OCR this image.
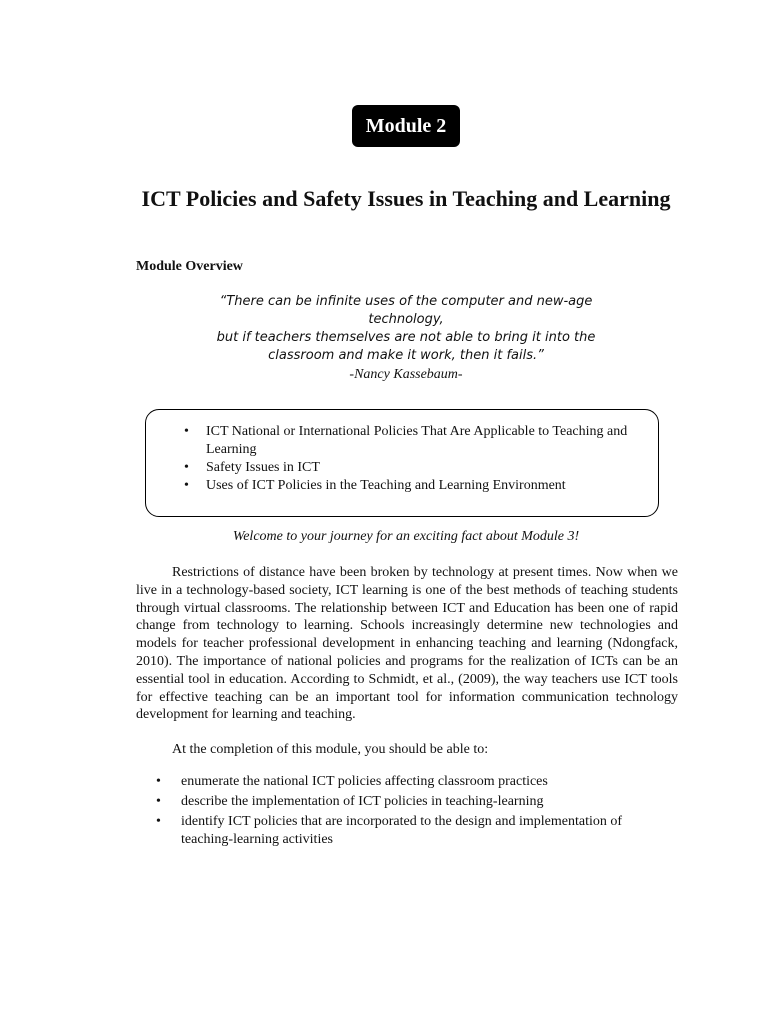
Module 2
ICT Policies and Safety Issues in Teaching and Learning
Module Overview
“There can be infinite uses of the computer and new-age technology,
but if teachers themselves are not able to bring it into the
classroom and make it work, then it fails.”
-Nancy Kassebaum-
• ICT National or International Policies That Are Applicable to Teaching and Learning
• Safety Issues in ICT
• Uses of ICT Policies in the Teaching and Learning Environment
Welcome to your journey for an exciting fact about Module 3!

Restrictions of distance have been broken by technology at present times. Now when we live in a technology-based society, ICT learning is one of the best methods of teaching students through virtual classrooms. The relationship between ICT and Education has been one of rapid change from technology to learning. Schools increasingly determine new technologies and models for teacher professional development in enhancing teaching and learning (Ndongfack, 2010). The importance of national policies and programs for the realization of ICTs can be an essential tool in education. According to Schmidt, et al., (2009), the way teachers use ICT tools for effective teaching can be an important tool for information communication technology development for learning and teaching.

At the completion of this module, you should be able to:

• enumerate the national ICT policies affecting classroom practices
• describe the implementation of ICT policies in teaching-learning
• identify ICT policies that are incorporated to the design and implementation of teaching-learning activities
